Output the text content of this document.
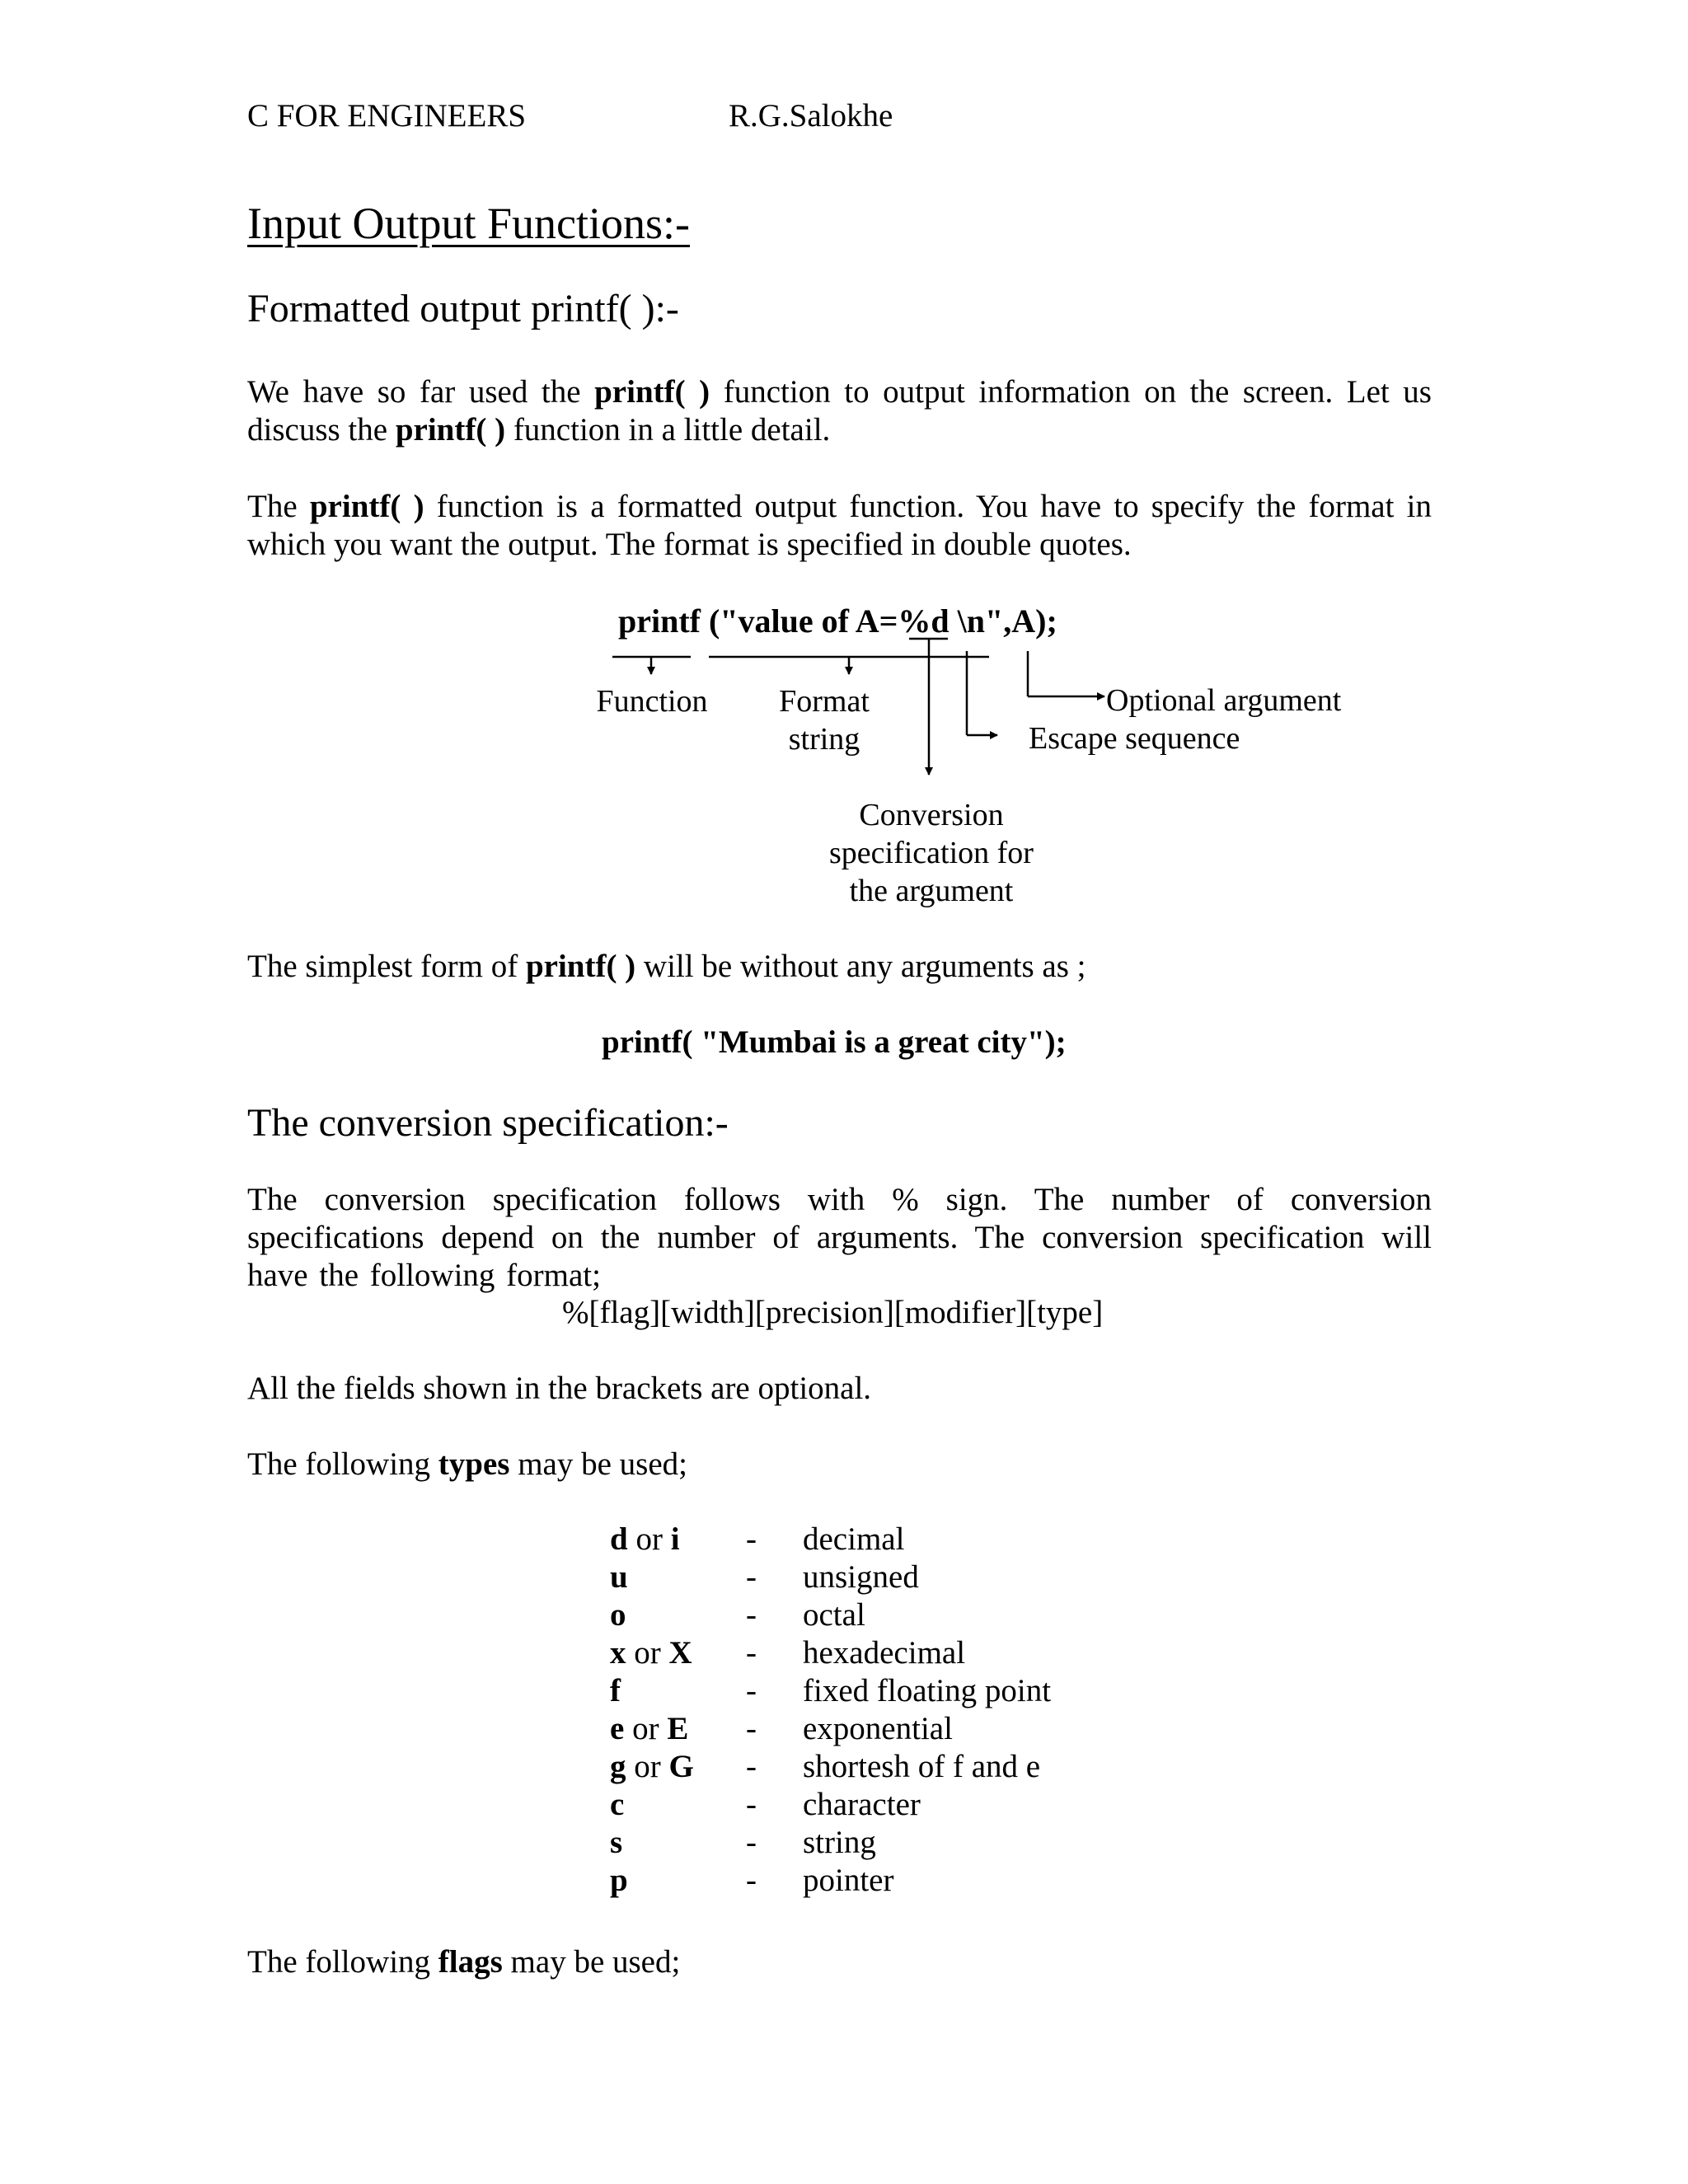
C FOR ENGINEERS	R.G.Salokhe
Input Output Functions:-
Formatted output printf( ):-
We have so far used the printf( ) function to output information on the screen. Let us discuss the printf( ) function in a little detail.
The printf( ) function is a formatted output function. You have to specify the format in which you want the output. The format is specified in double quotes.
printf ("value of A=%d \n",A);
Function	Format
string
Optional argument
Escape sequence
Conversion
specification for
the argument
The simplest form of printf( ) will be without any arguments as ;
printf( "Mumbai is a great city");
The conversion specification:-
The conversion specification follows with % sign. The number of conversion specifications depend on the number of arguments. The conversion specification will have the following format;
%[flag][width][precision][modifier][type]
All the fields shown in the brackets are optional.
The following types may be used;
d or i - decimal
u	- unsigned
o	- octal
x or X - hexadecimal
f	- fixed floating point
e or E - exponential
g or G - shortesh of f and e
c	- character
s	- string
p	- pointer
The following flags may be used;
